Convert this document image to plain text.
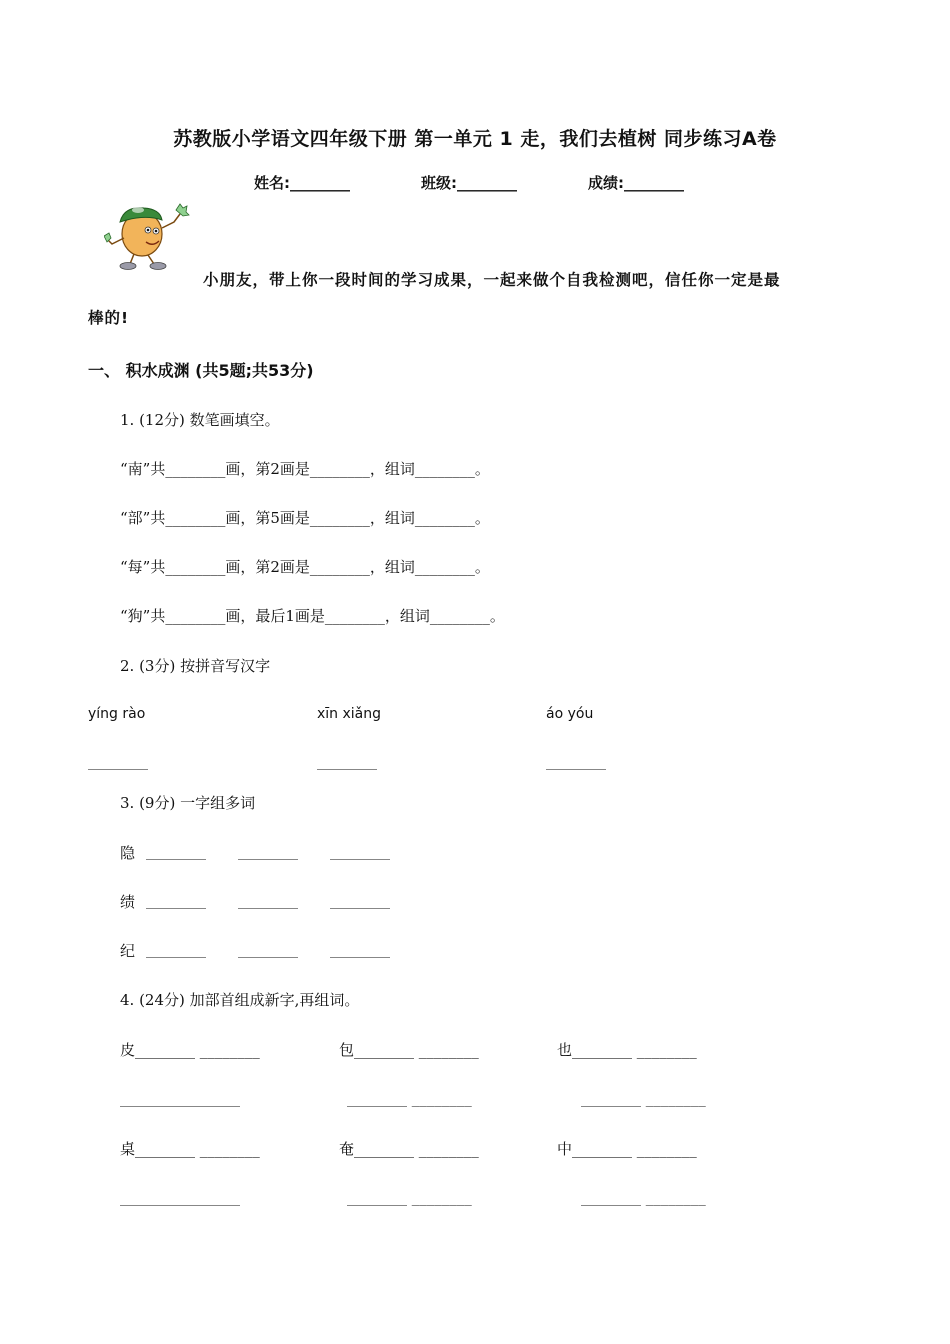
苏教版小学语文四年级下册 第一单元 1 走，我们去植树 同步练习A卷
姓名:________	班级:________	成绩:________
小朋友，带上你一段时间的学习成果，一起来做个自我检测吧，信任你一定是最
棒的!
一、 积水成渊 (共5题;共53分)
1. (12分) 数笔画填空。
“南”共________画，第2画是________，组词________。
“部”共________画，第5画是________，组词________。
“每”共________画，第2画是________，组词________。
“狗”共________画，最后1画是________，组词________。
2. (3分) 按拼音写汉字
yíng rào	xīn xiǎng	áo yóu
________	________	________
3. (9分) 一字组多词
隐 ________ ________ ________
绩 ________ ________ ________
纪 ________ ________ ________
4. (24分) 加部首组成新字,再组词。
皮________ ________	包________ ________	也________ ________
________________	________ ________	________ ________
桌________ ________	奄________ ________	中________ ________
________________	________ ________	________ ________
